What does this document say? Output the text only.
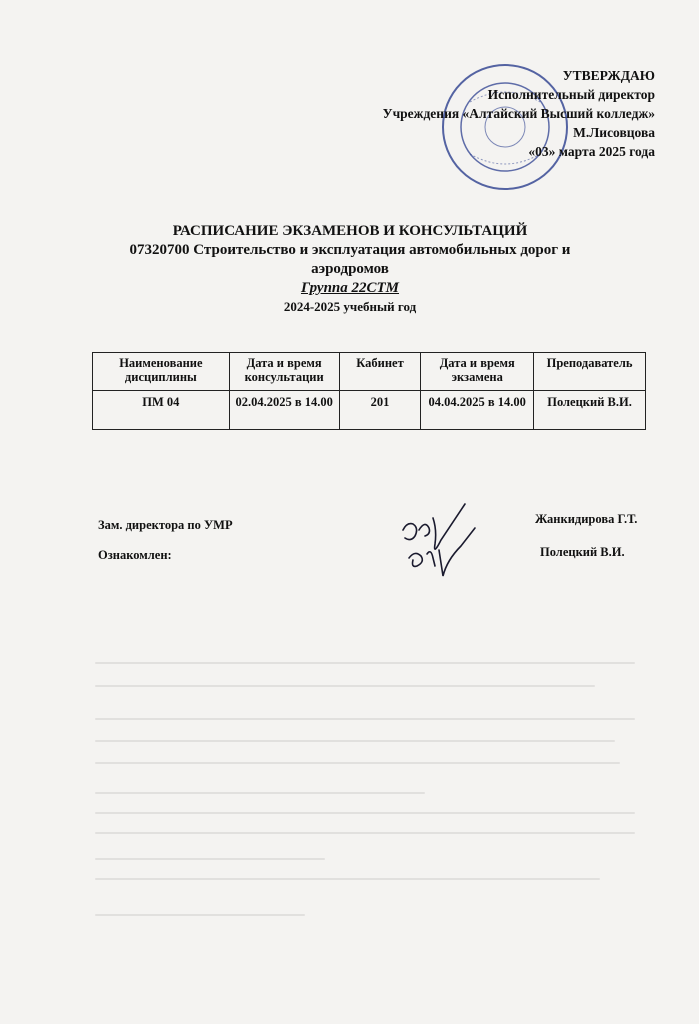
УТВЕРЖДАЮ
Исполнительный директор
Учреждения «Алтайский Высший колледж»
М.Лисовцова
«03» марта 2025 года
РАСПИСАНИЕ ЭКЗАМЕНОВ И КОНСУЛЬТАЦИЙ
07320700 Строительство и эксплуатация автомобильных дорог и
аэродромов
Группа 22СТМ
2024-2025 учебный год
Наименование дисциплины	Дата и время консультации	Кабинет	Дата и время экзамена	Преподаватель
ПМ 04	02.04.2025 в 14.00	201	04.04.2025 в 14.00	Полецкий В.И.
Зам. директора по УМР	Жанкидирова Г.Т.
Ознакомлен:	Полецкий В.И.
